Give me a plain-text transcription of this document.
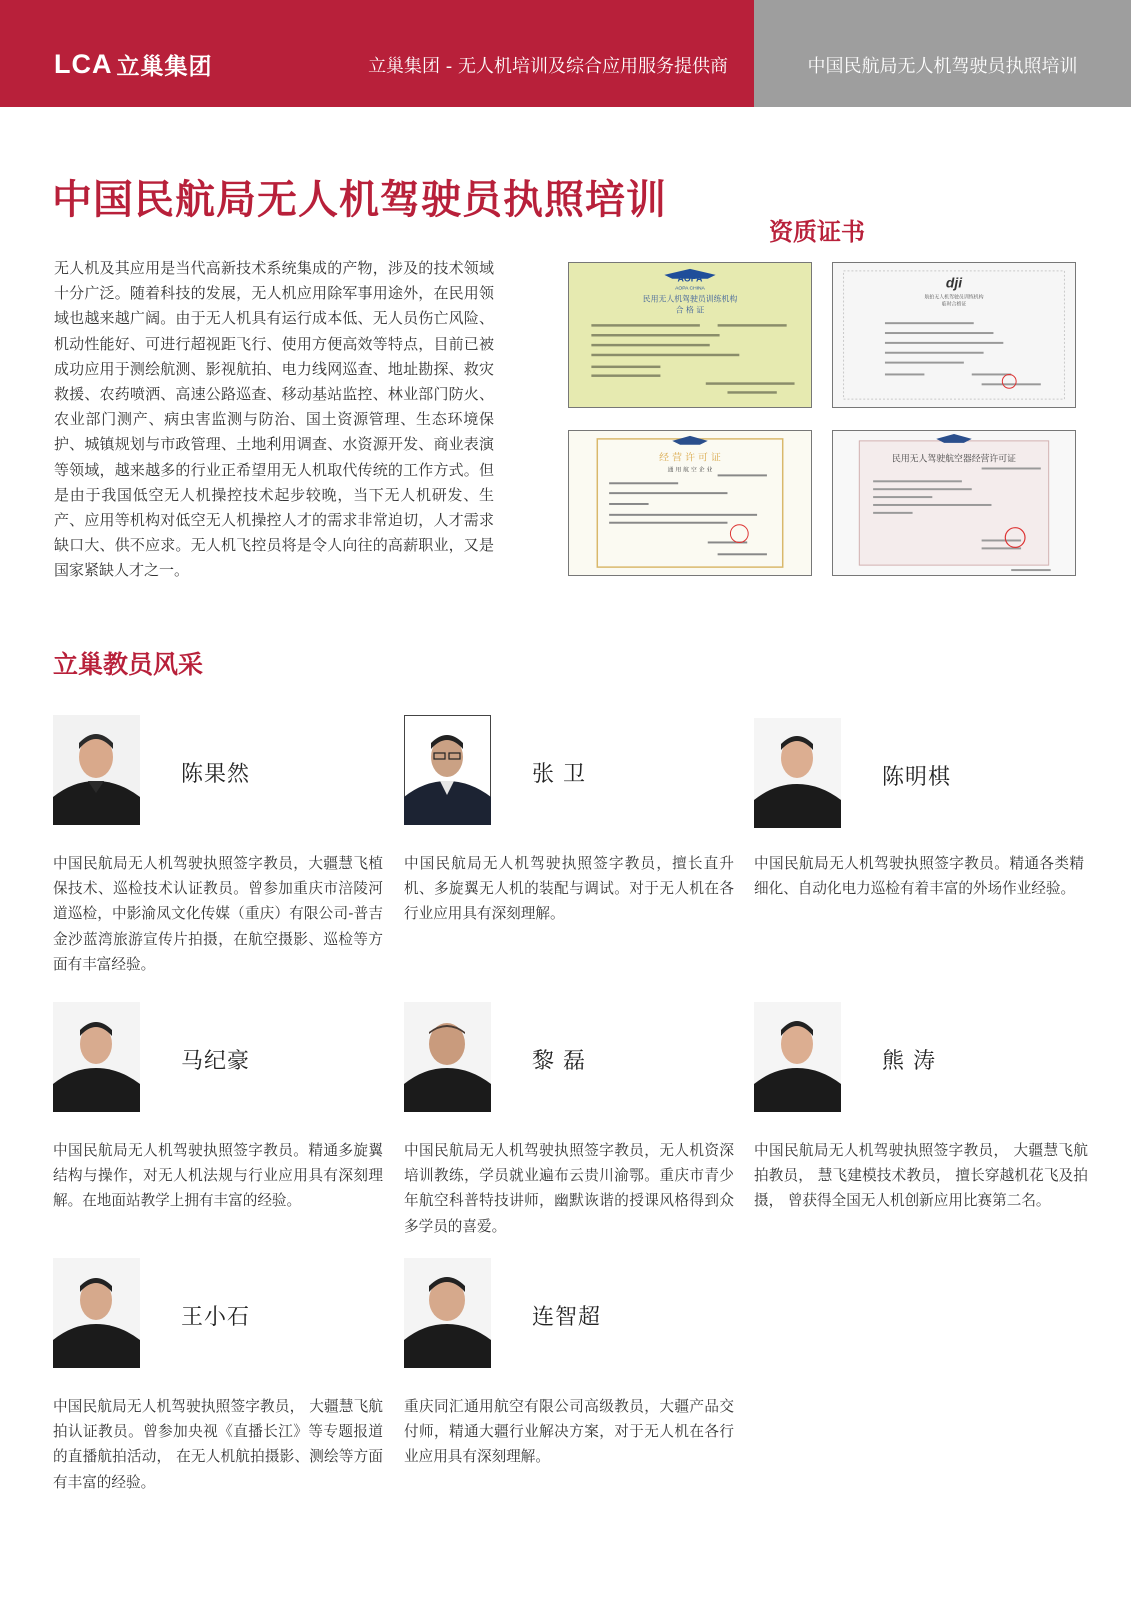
LCA 立巢集团	立巢集团 - 无人机培训及综合应用服务提供商	中国民航局无人机驾驶员执照培训
中国民航局无人机驾驶员执照培训
资质证书
无人机及其应用是当代高新技术系统集成的产物，涉及的技术领域十分广泛。随着科技的发展，无人机应用除军事用途外，在民用领域也越来越广阔。由于无人机具有运行成本低、无人员伤亡风险、机动性能好、可进行超视距飞行、使用方便高效等特点，目前已被成功应用于测绘航测、影视航拍、电力线网巡查、地址勘探、救灾救援、农药喷洒、高速公路巡查、移动基站监控、林业部门防火、农业部门测产、病虫害监测与防治、国土资源管理、生态环境保护、城镇规划与市政管理、土地利用调查、水资源开发、商业表演等领域，越来越多的行业正希望用无人机取代传统的工作方式。但是由于我国低空无人机操控技术起步较晚，当下无人机研发、生产、应用等机构对低空无人机操控人才的需求非常迫切，人才需求缺口大、供不应求。无人机飞控员将是令人向往的高薪职业，又是国家紧缺人才之一。
AOPA
AOPA CHINA
民用无人机驾驶员训练机构
合 格 证
dji
航拍无人机驾驶员训练机构
临时合格证
经 营 许 可 证
通 用 航 空 企 业
民用无人驾驶航空器经营许可证
立巢教员风采
陈果然
中国民航局无人机驾驶执照签字教员，大疆慧飞植保技术、巡检技术认证教员。曾参加重庆市涪陵河道巡检，中影渝凤文化传媒（重庆）有限公司-普吉金沙蓝湾旅游宣传片拍摄，在航空摄影、巡检等方面有丰富经验。
张 卫
中国民航局无人机驾驶执照签字教员，擅长直升机、多旋翼无人机的装配与调试。对于无人机在各行业应用具有深刻理解。
陈明棋
中国民航局无人机驾驶执照签字教员。精通各类精细化、自动化电力巡检有着丰富的外场作业经验。
马纪豪
中国民航局无人机驾驶执照签字教员。精通多旋翼结构与操作，对无人机法规与行业应用具有深刻理解。在地面站教学上拥有丰富的经验。
黎 磊
中国民航局无人机驾驶执照签字教员，无人机资深培训教练，学员就业遍布云贵川渝鄂。重庆市青少年航空科普特技讲师，幽默诙谐的授课风格得到众多学员的喜爱。
熊 涛
中国民航局无人机驾驶执照签字教员， 大疆慧飞航拍教员， 慧飞建模技术教员， 擅长穿越机花飞及拍摄， 曾获得全国无人机创新应用比赛第二名。
王小石
中国民航局无人机驾驶执照签字教员， 大疆慧飞航拍认证教员。曾参加央视《直播长江》等专题报道的直播航拍活动， 在无人机航拍摄影、测绘等方面有丰富的经验。
连智超
重庆同汇通用航空有限公司高级教员，大疆产品交付师，精通大疆行业解决方案，对于无人机在各行业应用具有深刻理解。
